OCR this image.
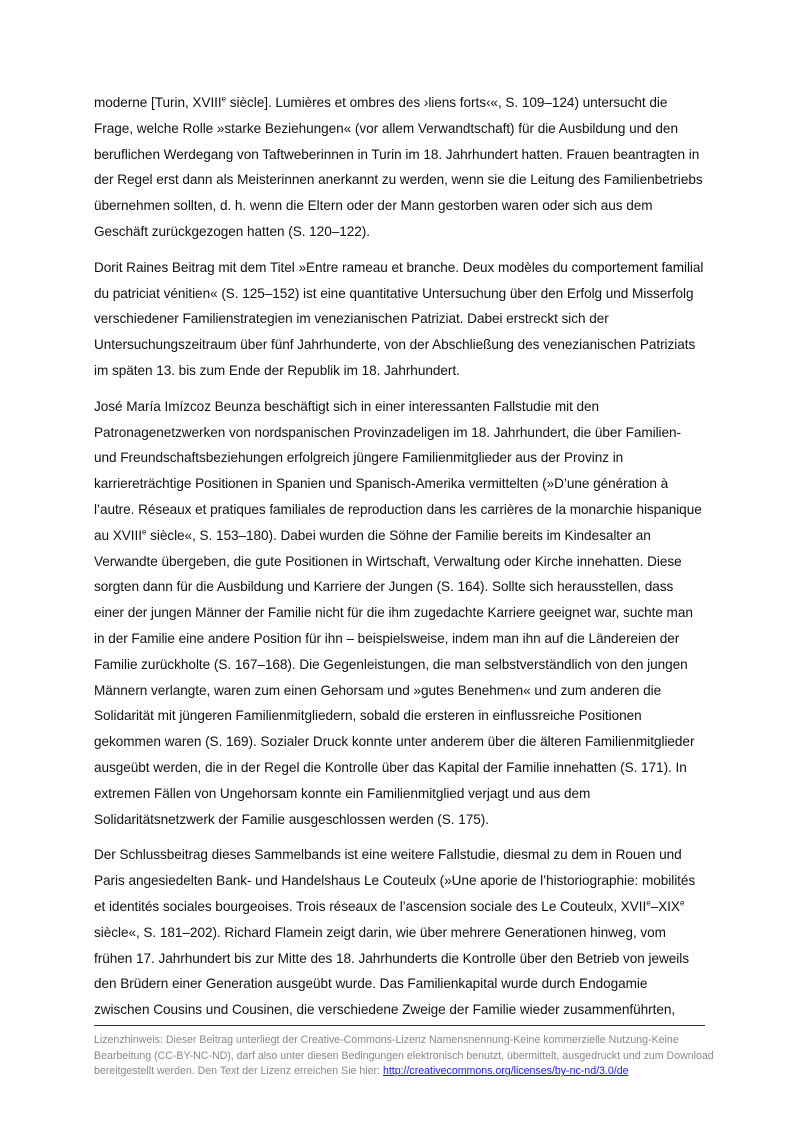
moderne [Turin, XVIIIe siècle]. Lumières et ombres des ›liens forts‹«, S. 109–124) untersucht die Frage, welche Rolle »starke Beziehungen« (vor allem Verwandtschaft) für die Ausbildung und den beruflichen Werdegang von Taftweberinnen in Turin im 18. Jahrhundert hatten. Frauen beantragten in der Regel erst dann als Meisterinnen anerkannt zu werden, wenn sie die Leitung des Familienbetriebs übernehmen sollten, d. h. wenn die Eltern oder der Mann gestorben waren oder sich aus dem Geschäft zurückgezogen hatten (S. 120–122).

Dorit Raines Beitrag mit dem Titel »Entre rameau et branche. Deux modèles du comportement familial du patriciat vénitien« (S. 125–152) ist eine quantitative Untersuchung über den Erfolg und Misserfolg verschiedener Familienstrategien im venezianischen Patriziat. Dabei erstreckt sich der Untersuchungszeitraum über fünf Jahrhunderte, von der Abschließung des venezianischen Patriziats im späten 13. bis zum Ende der Republik im 18. Jahrhundert.

José María Imízcoz Beunza beschäftigt sich in einer interessanten Fallstudie mit den Patronagenetzwerken von nordspanischen Provinzadeligen im 18. Jahrhundert, die über Familien- und Freundschaftsbeziehungen erfolgreich jüngere Familienmitglieder aus der Provinz in karriereträchtige Positionen in Spanien und Spanisch-Amerika vermittelten (»D’une génération à l’autre. Réseaux et pratiques familiales de reproduction dans les carrières de la monarchie hispanique au XVIIIe siècle«, S. 153–180). Dabei wurden die Söhne der Familie bereits im Kindesalter an Verwandte übergeben, die gute Positionen in Wirtschaft, Verwaltung oder Kirche innehatten. Diese sorgten dann für die Ausbildung und Karriere der Jungen (S. 164). Sollte sich herausstellen, dass einer der jungen Männer der Familie nicht für die ihm zugedachte Karriere geeignet war, suchte man in der Familie eine andere Position für ihn – beispielsweise, indem man ihn auf die Ländereien der Familie zurückholte (S. 167–168). Die Gegenleistungen, die man selbstverständlich von den jungen Männern verlangte, waren zum einen Gehorsam und »gutes Benehmen« und zum anderen die Solidarität mit jüngeren Familienmitgliedern, sobald die ersteren in einflussreiche Positionen gekommen waren (S. 169). Sozialer Druck konnte unter anderem über die älteren Familienmitglieder ausgeübt werden, die in der Regel die Kontrolle über das Kapital der Familie innehatten (S. 171). In extremen Fällen von Ungehorsam konnte ein Familienmitglied verjagt und aus dem Solidaritätsnetzwerk der Familie ausgeschlossen werden (S. 175).

Der Schlussbeitrag dieses Sammelbands ist eine weitere Fallstudie, diesmal zu dem in Rouen und Paris angesiedelten Bank- und Handelshaus Le Couteulx (»Une aporie de l’historiographie: mobilités et identités sociales bourgeoises. Trois réseaux de l’ascension sociale des Le Couteulx, XVIIe–XIXe siècle«, S. 181–202). Richard Flamein zeigt darin, wie über mehrere Generationen hinweg, vom frühen 17. Jahrhundert bis zur Mitte des 18. Jahrhunderts die Kontrolle über den Betrieb von jeweils den Brüdern einer Generation ausgeübt wurde. Das Familienkapital wurde durch Endogamie zwischen Cousins und Cousinen, die verschiedene Zweige der Familie wieder zusammenführten,

Lizenzhinweis: Dieser Beitrag unterliegt der Creative-Commons-Lizenz Namensnennung-Keine kommerzielle Nutzung-Keine Bearbeitung (CC-BY-NC-ND), darf also unter diesen Bedingungen elektronisch benutzt, übermittelt, ausgedruckt und zum Download bereitgestellt werden. Den Text der Lizenz erreichen Sie hier: http://creativecommons.org/licenses/by-nc-nd/3.0/de
